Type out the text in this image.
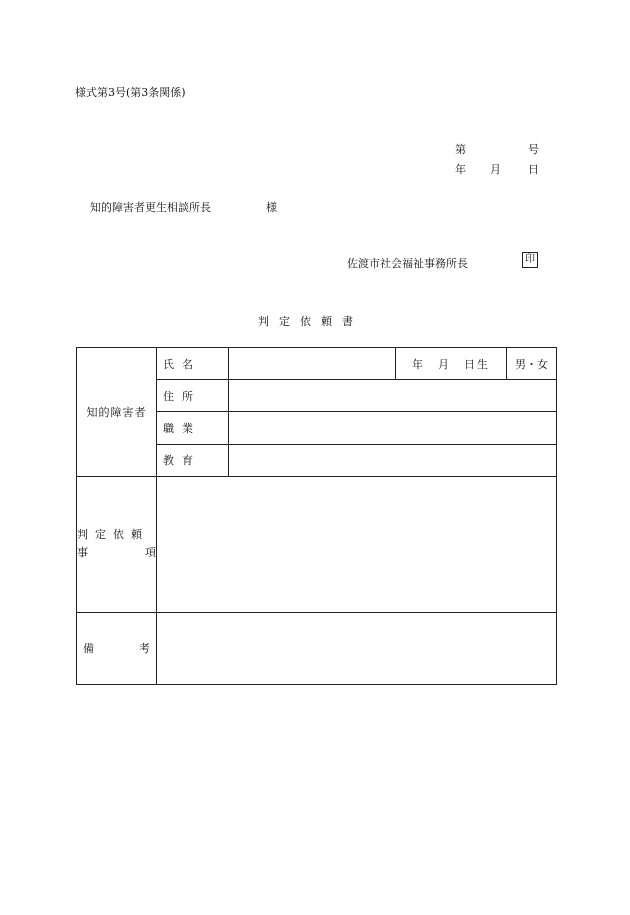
様式第3号(第3条関係)
第	号
年 月 日
知的障害者更生相談所長	様
佐渡市社会福祉事務所長	印
判定依頼書
知的障害者	氏名		年　月　日生	男・女
	住所			
	職業			
	教育			

判定依頼
事 項				

備 考				
